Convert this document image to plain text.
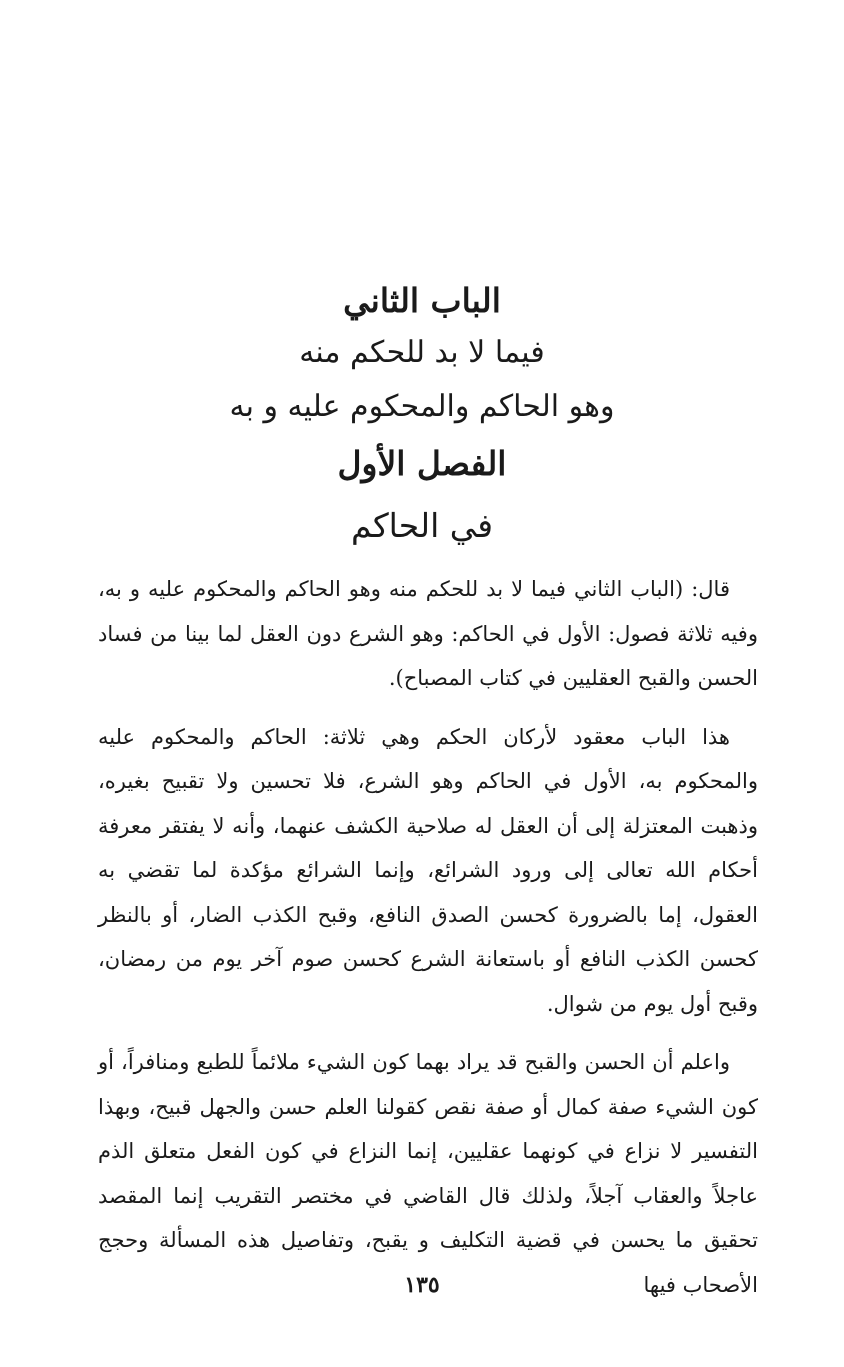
الباب الثاني

فيما لا بد للحكم منه

وهو الحاكم والمحكوم عليه و به

الفصل الأول

في الحاكم

قال: (الباب الثاني فيما لا بد للحكم منه وهو الحاكم والمحكوم عليه و به، وفيه ثلاثة فصول: الأول في الحاكم: وهو الشرع دون العقل لما بينا من فساد الحسن والقبح العقليين في كتاب المصباح).

هذا الباب معقود لأركان الحكم وهي ثلاثة: الحاكم والمحكوم عليه والمحكوم به، الأول في الحاكم وهو الشرع، فلا تحسين ولا تقبيح بغيره، وذهبت المعتزلة إلى أن العقل له صلاحية الكشف عنهما، وأنه لا يفتقر معرفة أحكام الله تعالى إلى ورود الشرائع، وإنما الشرائع مؤكدة لما تقضي به العقول، إما بالضرورة كحسن الصدق النافع، وقبح الكذب الضار، أو بالنظر كحسن الكذب النافع أو باستعانة الشرع كحسن صوم آخر يوم من رمضان، وقبح أول يوم من شوال.

واعلم أن الحسن والقبح قد يراد بهما كون الشيء ملائماً للطبع ومنافراً، أو كون الشيء صفة كمال أو صفة نقص كقولنا العلم حسن والجهل قبيح، وبهذا التفسير لا نزاع في كونهما عقليين، إنما النزاع في كون الفعل متعلق الذم عاجلاً والعقاب آجلاً، ولذلك قال القاضي في مختصر التقريب إنما المقصد تحقيق ما يحسن في قضية التكليف و يقبح، وتفاصيل هذه المسألة وحجج الأصحاب فيها

١٣٥
